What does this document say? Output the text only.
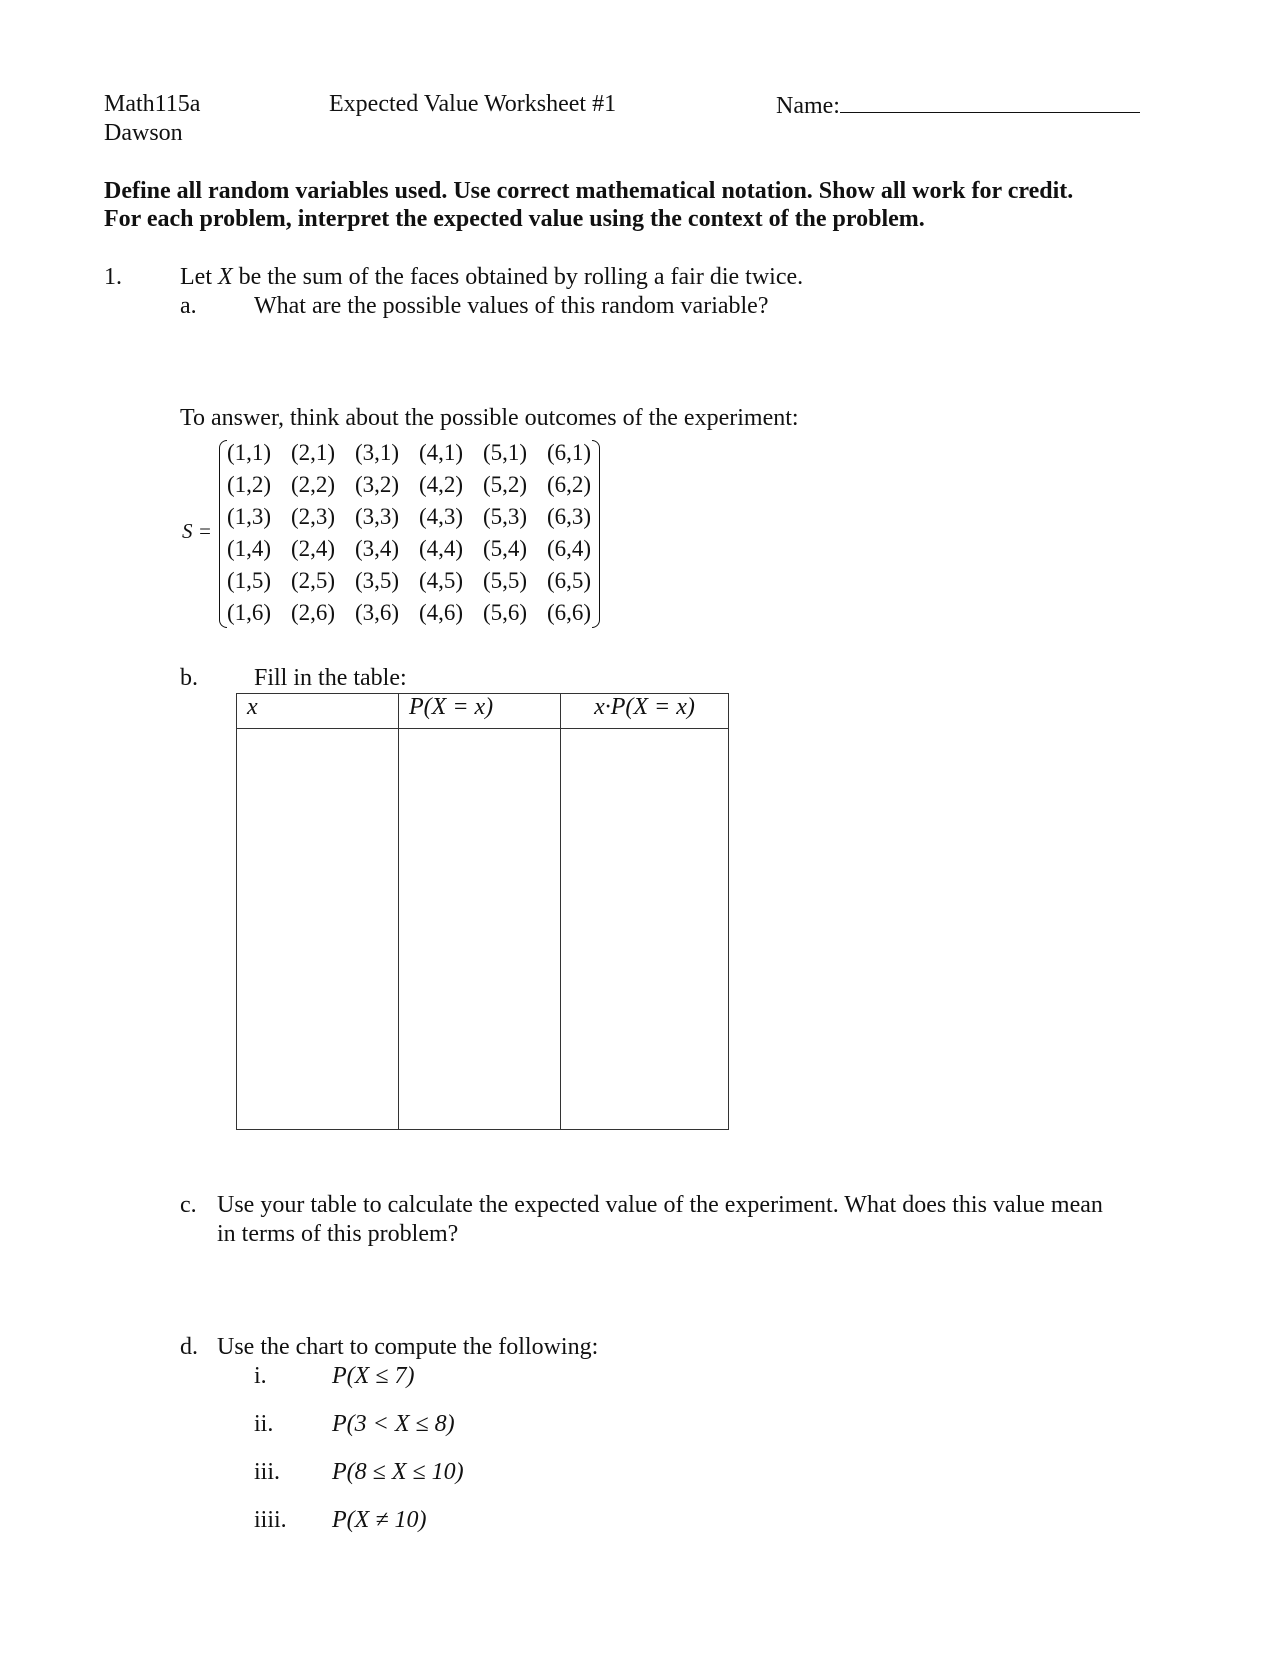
Math115a
Dawson
Expected Value Worksheet #1	Name:
Define all random variables used. Use correct mathematical notation. Show all work for credit.
For each problem, interpret the expected value using the context of the problem.
1. Let X be the sum of the faces obtained by rolling a fair die twice.
a. What are the possible values of this random variable?
To answer, think about the possible outcomes of the experiment:
S =
(1,1) (2,1) (3,1) (4,1) (5,1) (6,1)
(1,2) (2,2) (3,2) (4,2) (5,2) (6,2)
(1,3) (2,3) (3,3) (4,3) (5,3) (6,3)
(1,4) (2,4) (3,4) (4,4) (5,4) (6,4)
(1,5) (2,5) (3,5) (4,5) (5,5) (6,5)
(1,6) (2,6) (3,6) (4,6) (5,6) (6,6)
b. Fill in the table:
x	P(X = x)	x·P(X = x)

c. Use your table to calculate the expected value of the experiment. What does this value mean
in terms of this problem?
d. Use the chart to compute the following:
i.	P(X ≤ 7)
ii. P(3 < X ≤ 8)
iii. P(8 ≤ X ≤ 10)
iiii. P(X ≠ 10)
